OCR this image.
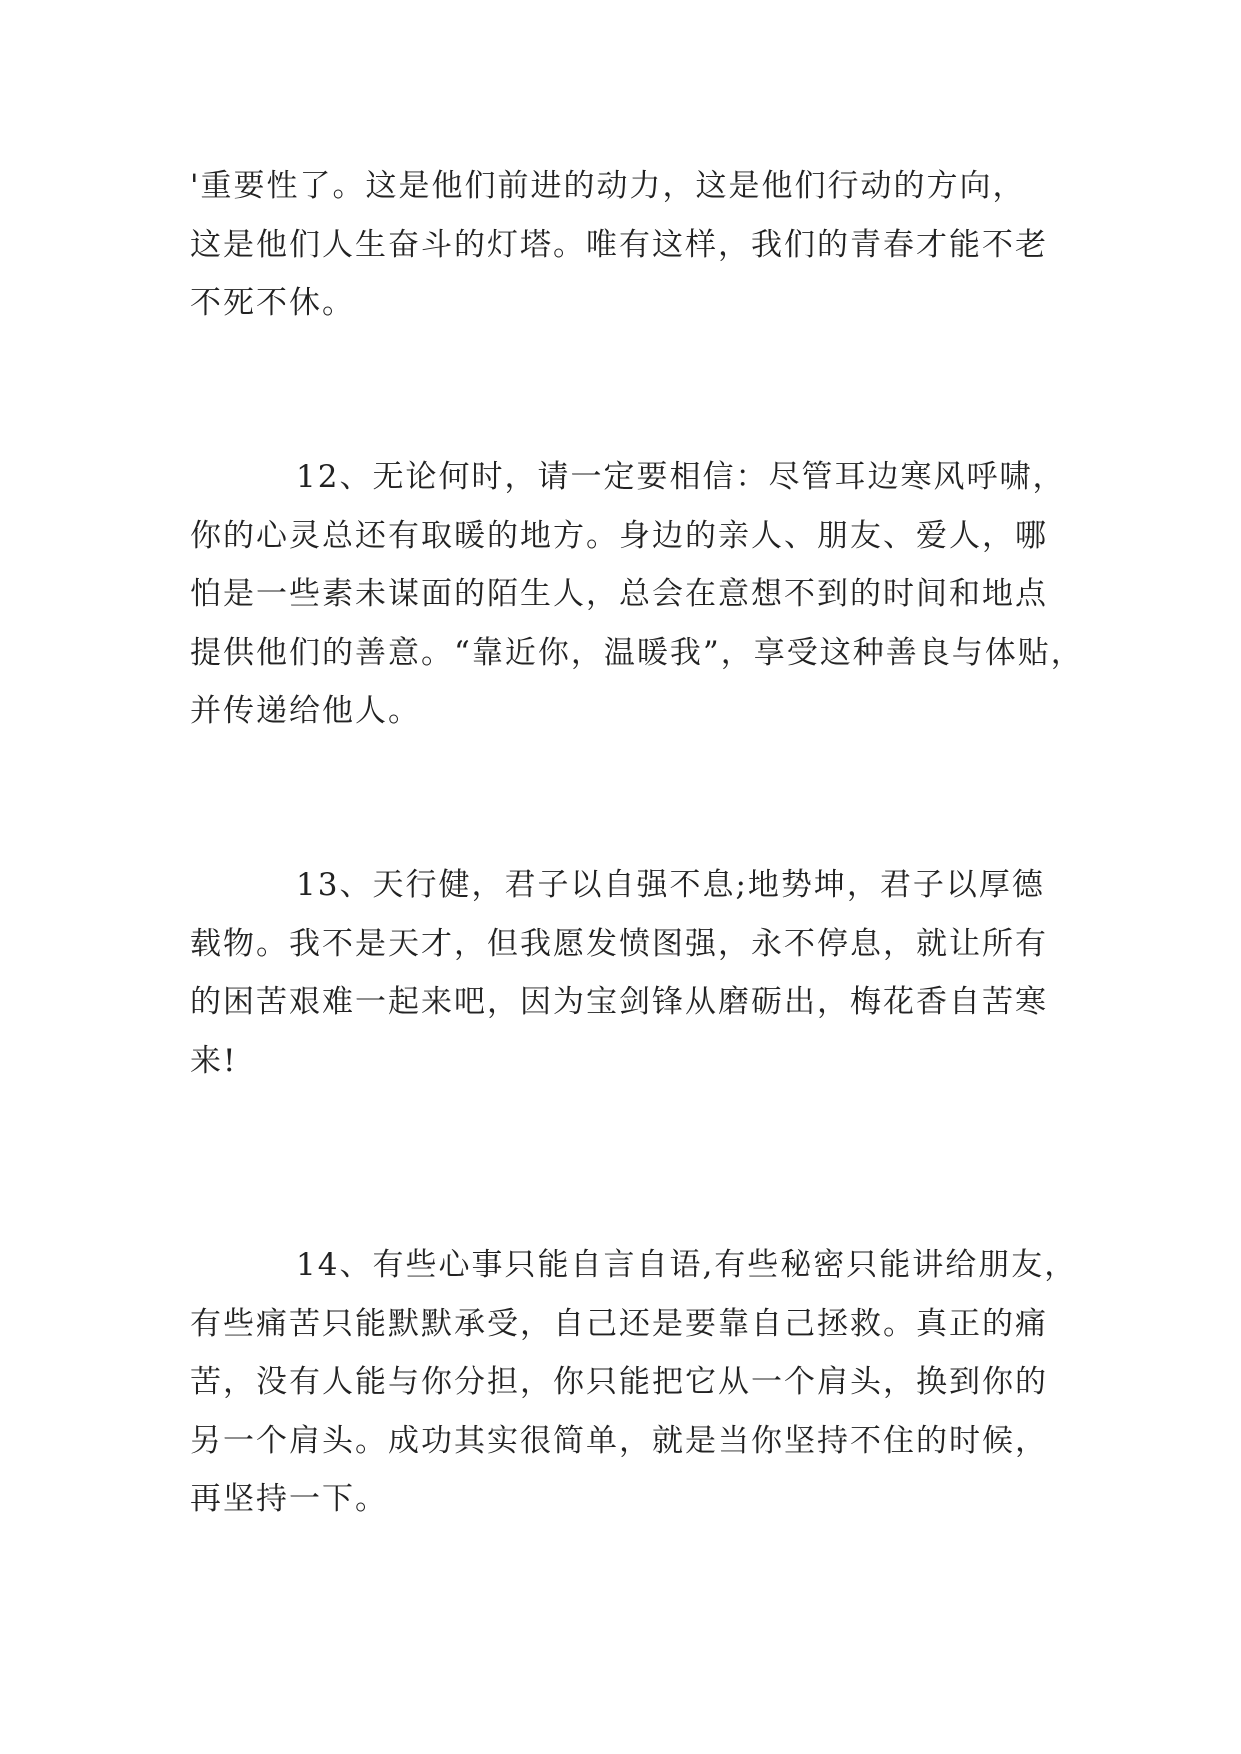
'重要性了。这是他们前进的动力，这是他们行动的方向，
这是他们人生奋斗的灯塔。唯有这样，我们的青春才能不老
不死不休。

12、无论何时，请一定要相信：尽管耳边寒风呼啸，
你的心灵总还有取暖的地方。身边的亲人、朋友、爱人，哪
怕是一些素未谋面的陌生人，总会在意想不到的时间和地点
提供他们的善意。“靠近你，温暖我”，享受这种善良与体贴，
并传递给他人。

13、天行健，君子以自强不息;地势坤，君子以厚德
载物。我不是天才，但我愿发愤图强，永不停息，就让所有
的困苦艰难一起来吧，因为宝剑锋从磨砺出，梅花香自苦寒
来!

14、有些心事只能自言自语,有些秘密只能讲给朋友，
有些痛苦只能默默承受，自己还是要靠自己拯救。真正的痛
苦，没有人能与你分担，你只能把它从一个肩头，换到你的
另一个肩头。成功其实很简单，就是当你坚持不住的时候，
再坚持一下。
